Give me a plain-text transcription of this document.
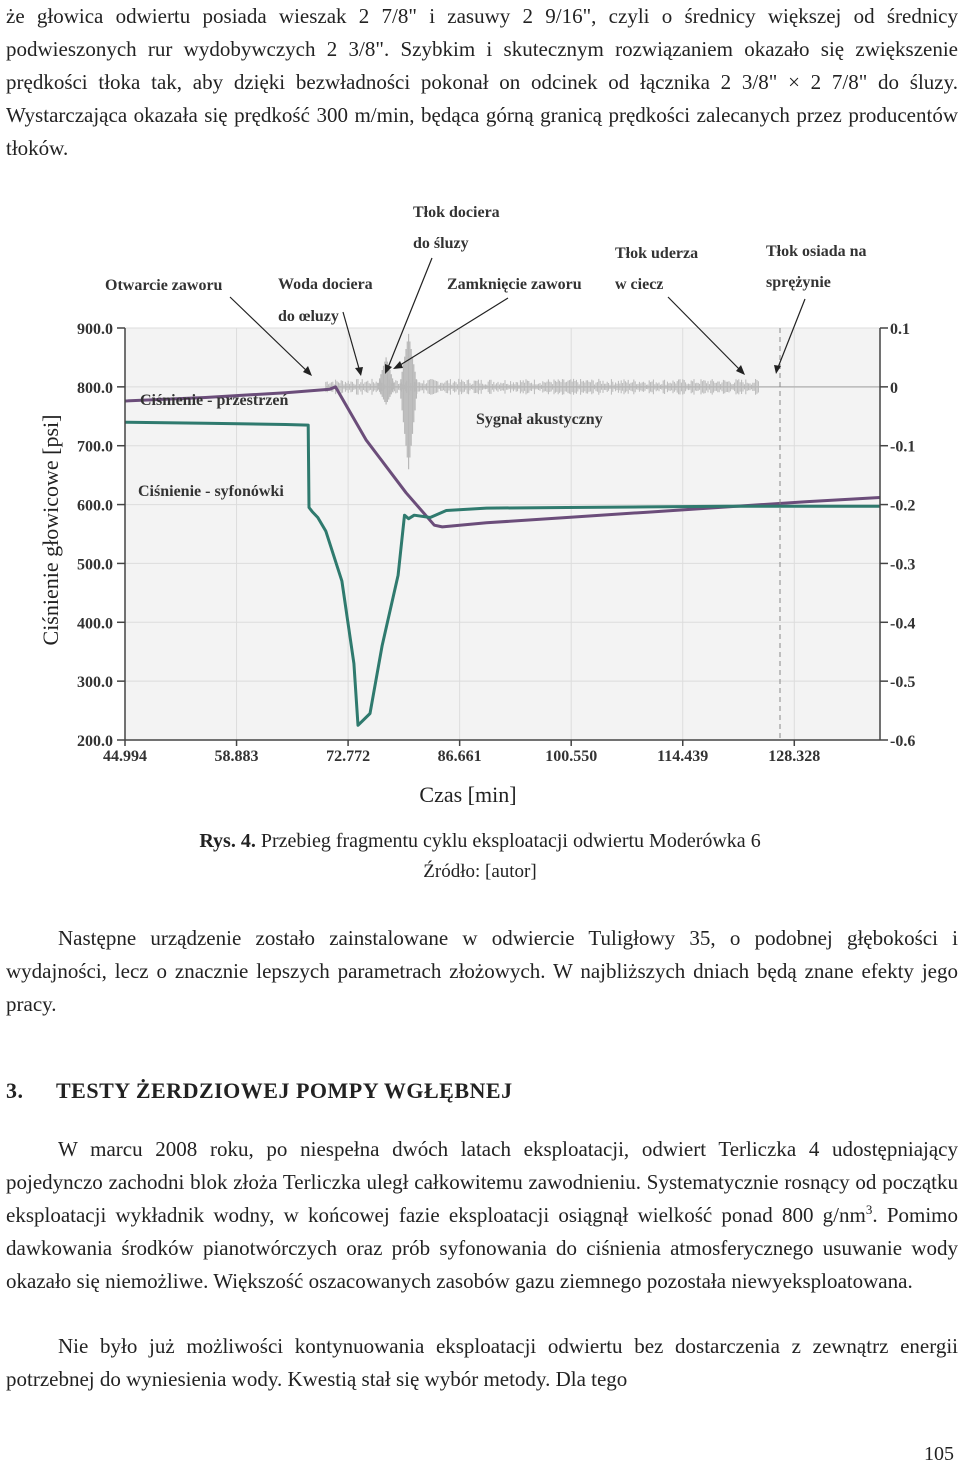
że głowica odwiertu posiada wieszak 2 7/8" i zasuwy 2 9/16", czyli o średnicy większej od średnicy podwieszonych rur wydobywczych 2 3/8". Szybkim i skutecznym rozwiązaniem okazało się zwiększenie prędkości tłoka tak, aby dzięki bezwładności pokonał on odcinek od łącznika 2 3/8" × 2 7/8" do śluzy. Wystarczająca okazała się prędkość 300 m/min, będąca górną granicą prędkości zalecanych przez producentów tłoków.

900.0
800.0
700.0
600.0
500.0
400.0
300.0
200.0
0.1
0
-0.1
-0.2
-0.3
-0.4
-0.5
-0.6
44.994	58.883	72.772	86.661	100.550	114.439	128.328
Ciśnienie głowicowe [psi]
Czas [min]
Otwarcie zaworu	Woda dociera
do œluzy
Tłok dociera
do śluzy
Zamknięcie zaworu
Tłok uderza
w ciecz
Tłok osiada na
sprężynie
Ciśnienie - przestrzeń
Ciśnienie - syfonówki
Sygnał akustyczny

Rys. 4. Przebieg fragmentu cyklu eksploatacji odwiertu Moderówka 6

Źródło: [autor]

Następne urządzenie zostało zainstalowane w odwiercie Tuligłowy 35, o podobnej głębokości i wydajności, lecz o znacznie lepszych parametrach złożowych. W najbliższych dniach będą znane efekty jego pracy.

3. TESTY ŻERDZIOWEJ POMPY WGŁĘBNEJ

W marcu 2008 roku, po niespełna dwóch latach eksploatacji, odwiert Terliczka 4 udostępniający pojedynczo zachodni blok złoża Terliczka uległ całkowitemu zawodnieniu. Systematycznie rosnący od początku eksploatacji wykładnik wodny, w końcowej fazie eksploatacji osiągnął wielkość ponad 800 $g/nm^3$. Pomimo dawkowania środków pianotwórczych oraz prób syfonowania do ciśnienia atmosferycznego usuwanie wody okazało się niemożliwe. Większość oszacowanych zasobów gazu ziemnego pozostała niewyeksploatowana.

Nie było już możliwości kontynuowania eksploatacji odwiertu bez dostarczenia z zewnątrz energii potrzebnej do wyniesienia wody. Kwestią stał się wybór metody. Dla tego

105
